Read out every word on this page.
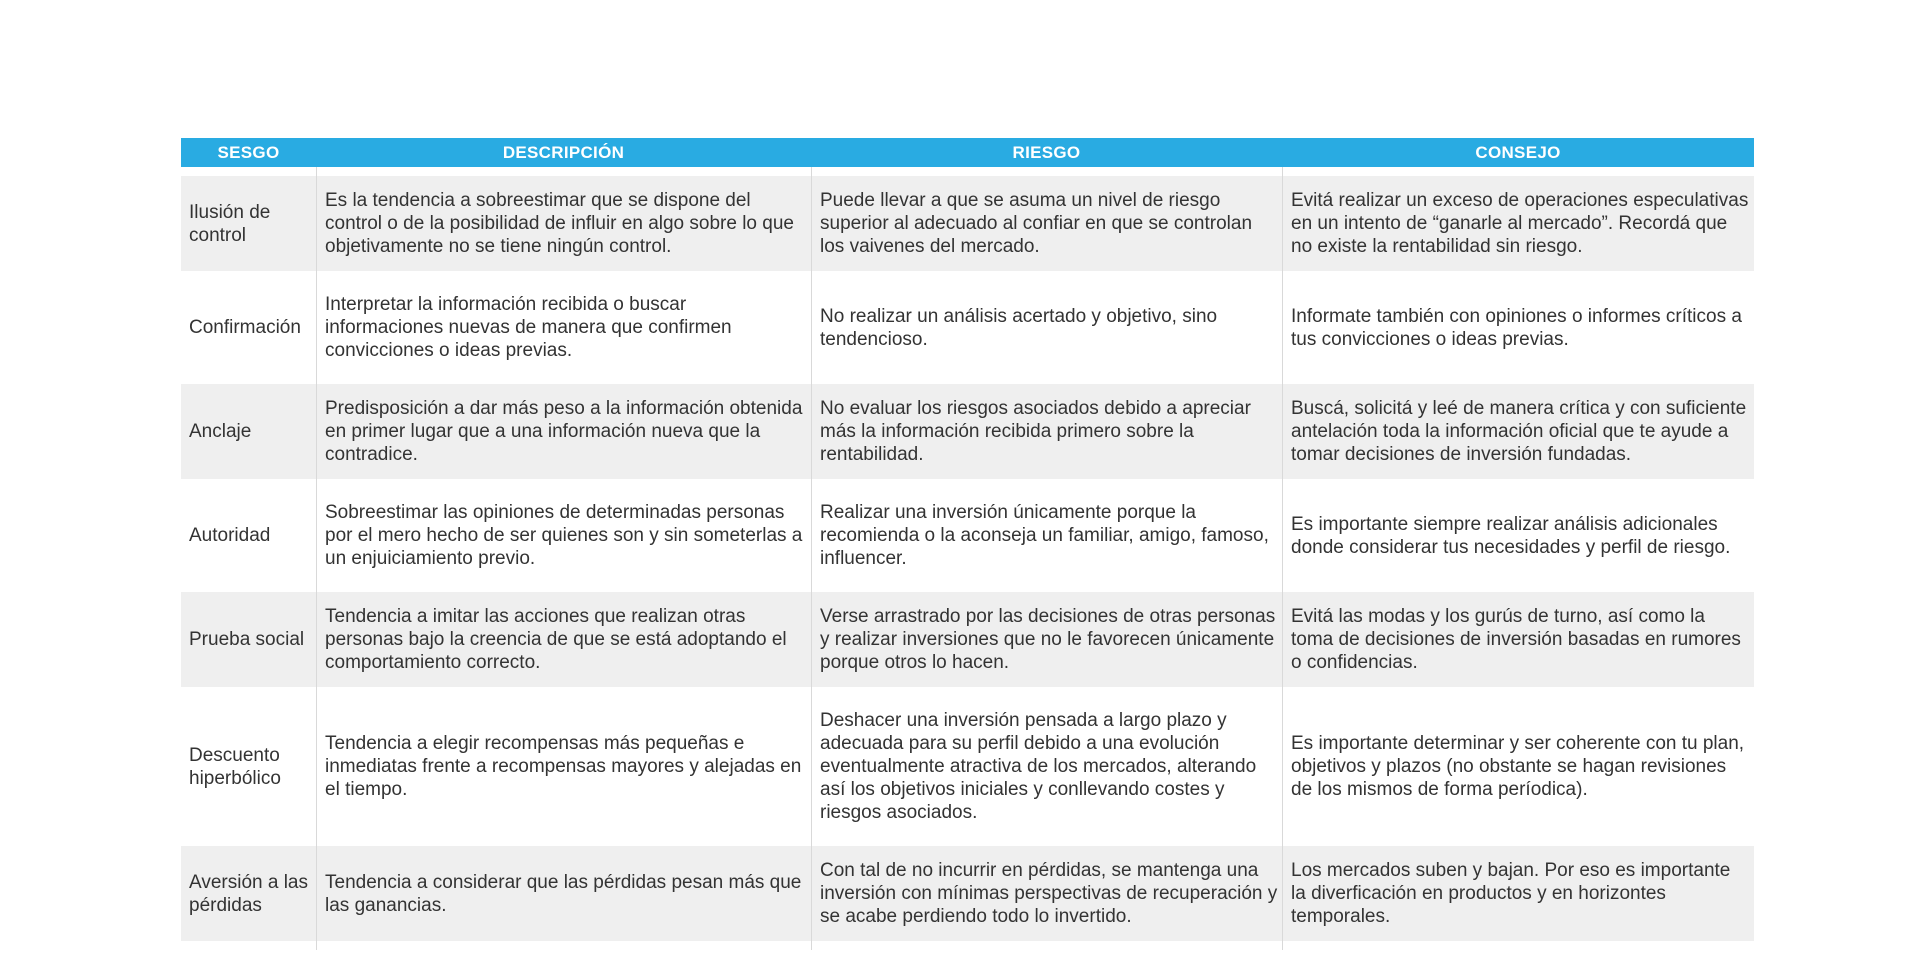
SESGO	DESCRIPCIÓN	RIESGO	CONSEJO
Ilusión de control	Es la tendencia a sobreestimar que se dispone del control o de la posibilidad de influir en algo sobre lo que objetivamente no se tiene ningún control.	Puede llevar a que se asuma un nivel de riesgo superior al adecuado al confiar en que se controlan los vaivenes del mercado.	Evitá realizar un exceso de operaciones especulativas en un intento de “ganarle al mercado”. Recordá que no existe la rentabilidad sin riesgo.
Confirmación	Interpretar la información recibida o buscar informaciones nuevas de manera que confirmen convicciones o ideas previas.	No realizar un análisis acertado y objetivo, sino tendencioso.	Informate también con opiniones o informes críticos a tus convicciones o ideas previas.
Anclaje	Predisposición a dar más peso a la información obtenida en primer lugar que a una información nueva que la contradice.	No evaluar los riesgos asociados debido a apreciar más la información recibida primero sobre la rentabilidad.	Buscá, solicitá y leé de manera crítica y con suficiente antelación toda la información oficial que te ayude a tomar decisiones de inversión fundadas.
Autoridad	Sobreestimar las opiniones de determinadas personas por el mero hecho de ser quienes son y sin someterlas a un enjuiciamiento previo.	Realizar una inversión únicamente porque la recomienda o la aconseja un familiar, amigo, famoso, influencer.	Es importante siempre realizar análisis adicionales donde considerar tus necesidades y perfil de riesgo.
Prueba social	Tendencia a imitar las acciones que realizan otras personas bajo la creencia de que se está adoptando el comportamiento correcto.	Verse arrastrado por las decisiones de otras personas y realizar inversiones que no le favorecen únicamente porque otros lo hacen.	Evitá las modas y los gurús de turno, así como la toma de decisiones de inversión basadas en rumores o confidencias.
Descuento hiperbólico	Tendencia a elegir recompensas más pequeñas e inmediatas frente a recompensas mayores y alejadas en el tiempo.	Deshacer una inversión pensada a largo plazo y adecuada para su perfil debido a una evolución eventualmente atractiva de los mercados, alterando así los objetivos iniciales y conllevando costes y riesgos asociados.	Es importante determinar y ser coherente con tu plan, objetivos y plazos (no obstante se hagan revisiones de los mismos de forma períodica).
Aversión a las pérdidas	Tendencia a considerar que las pérdidas pesan más que las ganancias.	Con tal de no incurrir en pérdidas, se mantenga una inversión con mínimas perspectivas de recuperación y se acabe perdiendo todo lo invertido.	Los mercados suben y bajan. Por eso es importante la diverficación en productos y en horizontes temporales.
